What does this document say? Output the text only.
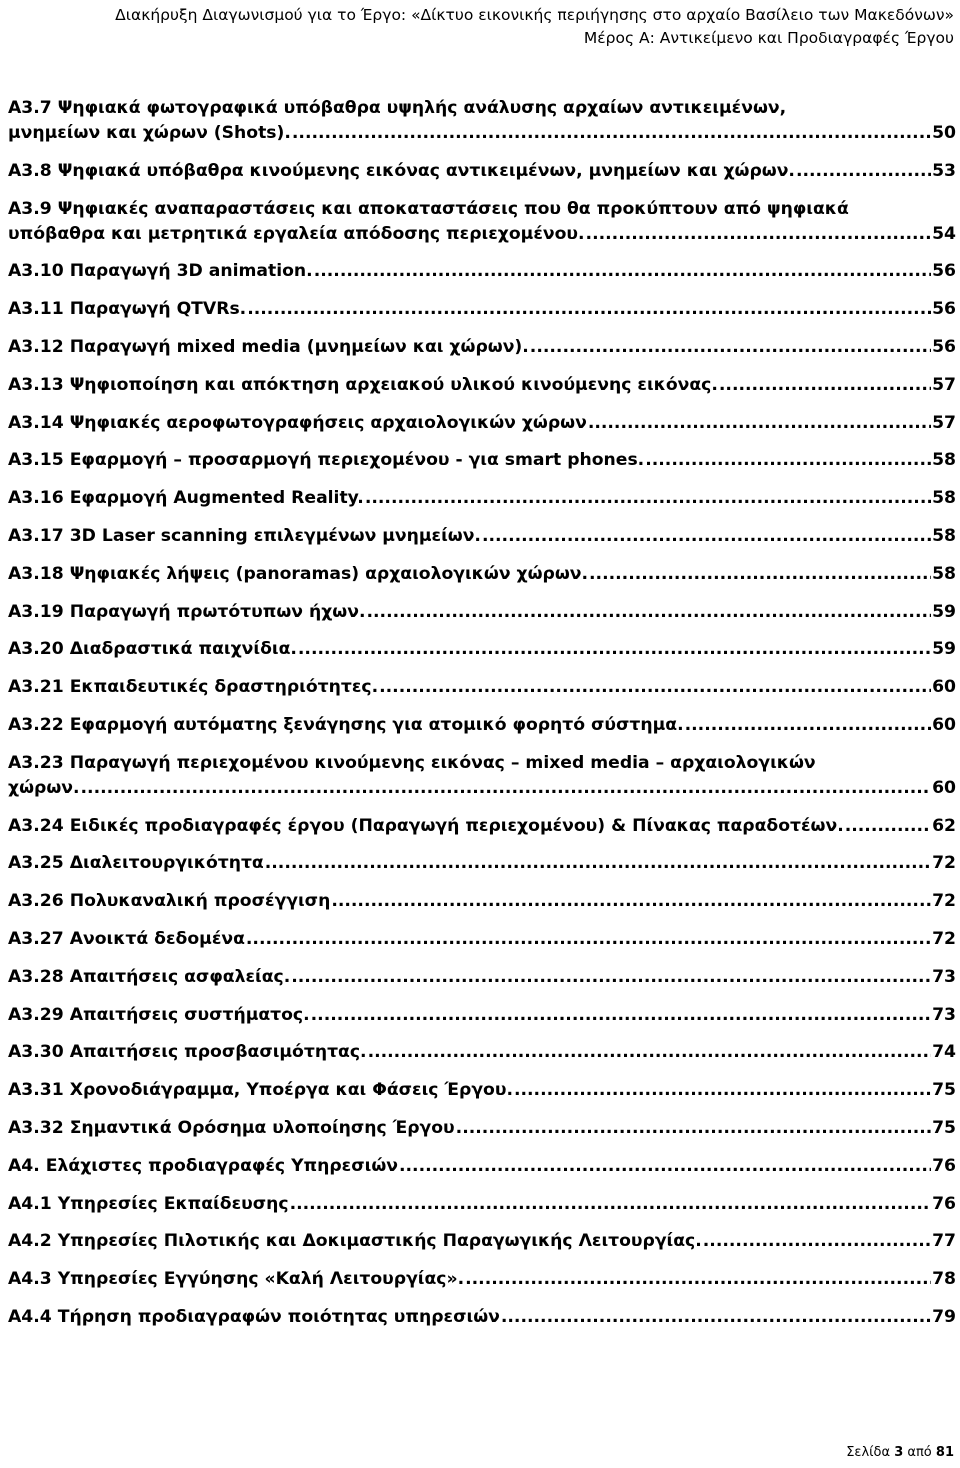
Διακήρυξη Διαγωνισμού για το Έργο: «Δίκτυο εικονικής περιήγησης στο αρχαίο Βασίλειο των Μακεδόνων»
Μέρος Α: Αντικείμενο και Προδιαγραφές Έργου
A3.7 Ψηφιακά φωτογραφικά υπόβαθρα υψηλής ανάλυσης αρχαίων αντικειμένων,
μνημείων και χώρων (Shots). .....	50
A3.8 Ψηφιακά υπόβαθρα κινούμενης εικόνας αντικειμένων, μνημείων και χώρων. .....	53
A3.9 Ψηφιακές αναπαραστάσεις και αποκαταστάσεις που θα προκύπτουν από ψηφιακά
υπόβαθρα και μετρητικά εργαλεία απόδοσης περιεχομένου. .....	54
A3.10 Παραγωγή 3D animation. .....	56
A3.11 Παραγωγή QTVRs. .....	56
A3.12 Παραγωγή mixed media (μνημείων και χώρων). .....	56
A3.13 Ψηφιοποίηση και απόκτηση αρχειακού υλικού κινούμενης εικόνας. .....	57
A3.14 Ψηφιακές αεροφωτογραφήσεις αρχαιολογικών χώρων .....	57
A3.15 Εφαρμογή – προσαρμογή περιεχομένου - για smart phones. .....	58
A3.16 Εφαρμογή Augmented Reality. .....	58
A3.17 3D Laser scanning επιλεγμένων μνημείων. .....	58
A3.18 Ψηφιακές λήψεις (panoramas) αρχαιολογικών χώρων. .....	58
A3.19 Παραγωγή πρωτότυπων ήχων. .....	59
A3.20 Διαδραστικά παιχνίδια. .....	59
A3.21 Εκπαιδευτικές δραστηριότητες. .....	60
A3.22 Εφαρμογή αυτόματης ξενάγησης για ατομικό φορητό σύστημα. .....	60
A3.23 Παραγωγή περιεχομένου κινούμενης εικόνας – mixed media – αρχαιολογικών
χώρων. .....	60
A3.24 Ειδικές προδιαγραφές έργου (Παραγωγή περιεχομένου) & Πίνακας παραδοτέων. .....	62
A3.25 Διαλειτουργικότητα .....	72
A3.26 Πολυκαναλική προσέγγιση .....	72
A3.27 Ανοικτά δεδομένα .....	72
A3.28 Απαιτήσεις ασφαλείας. .....	73
A3.29 Απαιτήσεις συστήματος. .....	73
A3.30 Απαιτήσεις προσβασιμότητας. .....	74
A3.31 Χρονοδιάγραμμα, Υποέργα και Φάσεις Έργου. .....	75
A3.32 Σημαντικά Ορόσημα υλοποίησης Έργου .....	75
A4. Ελάχιστες προδιαγραφές Υπηρεσιών .....	76
A4.1 Υπηρεσίες Εκπαίδευσης .....	76
A4.2 Υπηρεσίες Πιλοτικής και Δοκιμαστικής Παραγωγικής Λειτουργίας. .....	77
A4.3 Υπηρεσίες Εγγύησης «Καλή Λειτουργίας». .....	78
A4.4 Τήρηση προδιαγραφών ποιότητας υπηρεσιών .....	79
Σελίδα 3 από 81
